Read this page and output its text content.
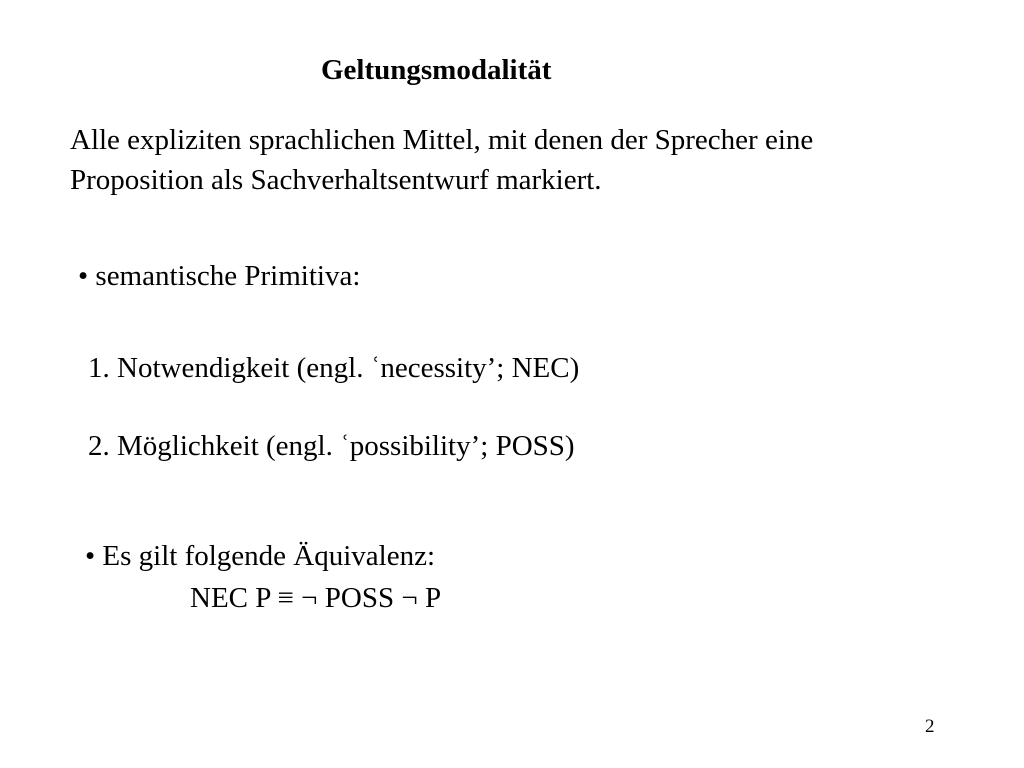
Geltungsmodalität
Alle expliziten sprachlichen Mittel, mit denen der Sprecher eine
Proposition als Sachverhaltsentwurf markiert.
• semantische Primitiva:
1. Notwendigkeit (engl. ʿnecessity’; NEC)
2. Möglichkeit (engl. ʿpossibility’; POSS)
• Es gilt folgende Äquivalenz:
NEC P ≡ ¬ POSS ¬ P
2
